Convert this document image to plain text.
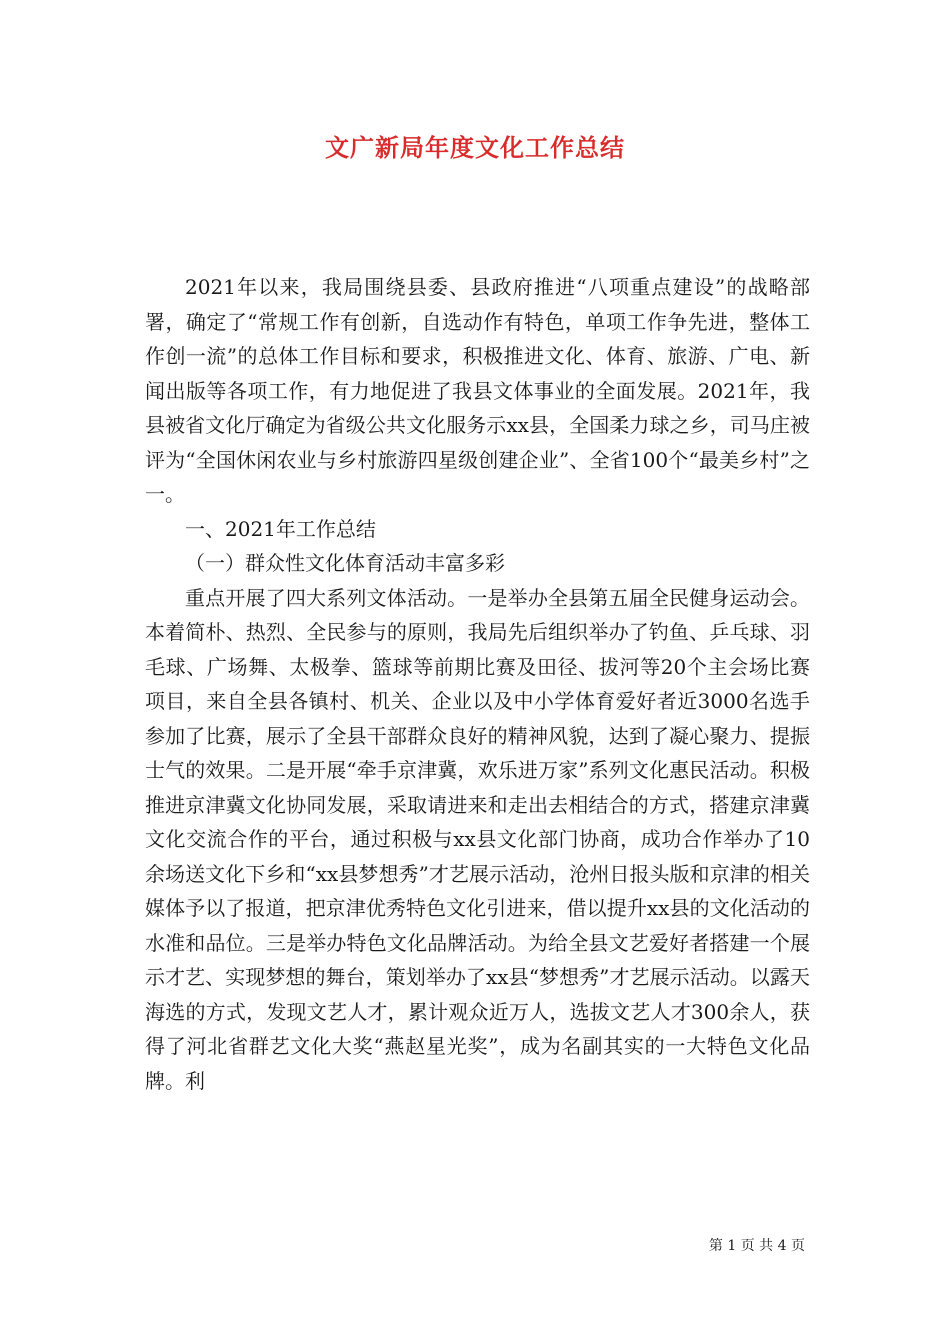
文广新局年度文化工作总结

2021年以来，我局围绕县委、县政府推进“八项重点建设”的战略部署，确定了“常规工作有创新，自选动作有特色，单项工作争先进，整体工作创一流”的总体工作目标和要求，积极推进文化、体育、旅游、广电、新闻出版等各项工作，有力地促进了我县文体事业的全面发展。2021年，我县被省文化厅确定为省级公共文化服务示xx县，全国柔力球之乡，司马庄被评为“全国休闲农业与乡村旅游四星级创建企业”、全省100个“最美乡村”之一。

一、2021年工作总结

（一）群众性文化体育活动丰富多彩

重点开展了四大系列文体活动。一是举办全县第五届全民健身运动会。本着简朴、热烈、全民参与的原则，我局先后组织举办了钓鱼、乒乓球、羽毛球、广场舞、太极拳、篮球等前期比赛及田径、拔河等20个主会场比赛项目，来自全县各镇村、机关、企业以及中小学体育爱好者近3000名选手参加了比赛，展示了全县干部群众良好的精神风貌，达到了凝心聚力、提振士气的效果。二是开展“牵手京津冀，欢乐进万家”系列文化惠民活动。积极推进京津冀文化协同发展，采取请进来和走出去相结合的方式，搭建京津冀文化交流合作的平台，通过积极与xx县文化部门协商，成功合作举办了10余场送文化下乡和“xx县梦想秀”才艺展示活动，沧州日报头版和京津的相关媒体予以了报道，把京津优秀特色文化引进来，借以提升xx县的文化活动的水准和品位。三是举办特色文化品牌活动。为给全县文艺爱好者搭建一个展示才艺、实现梦想的舞台，策划举办了xx县“梦想秀”才艺展示活动。以露天海选的方式，发现文艺人才，累计观众近万人，选拔文艺人才300余人，获得了河北省群艺文化大奖“燕赵星光奖”，成为名副其实的一大特色文化品牌。利

第 1 页 共 4 页
